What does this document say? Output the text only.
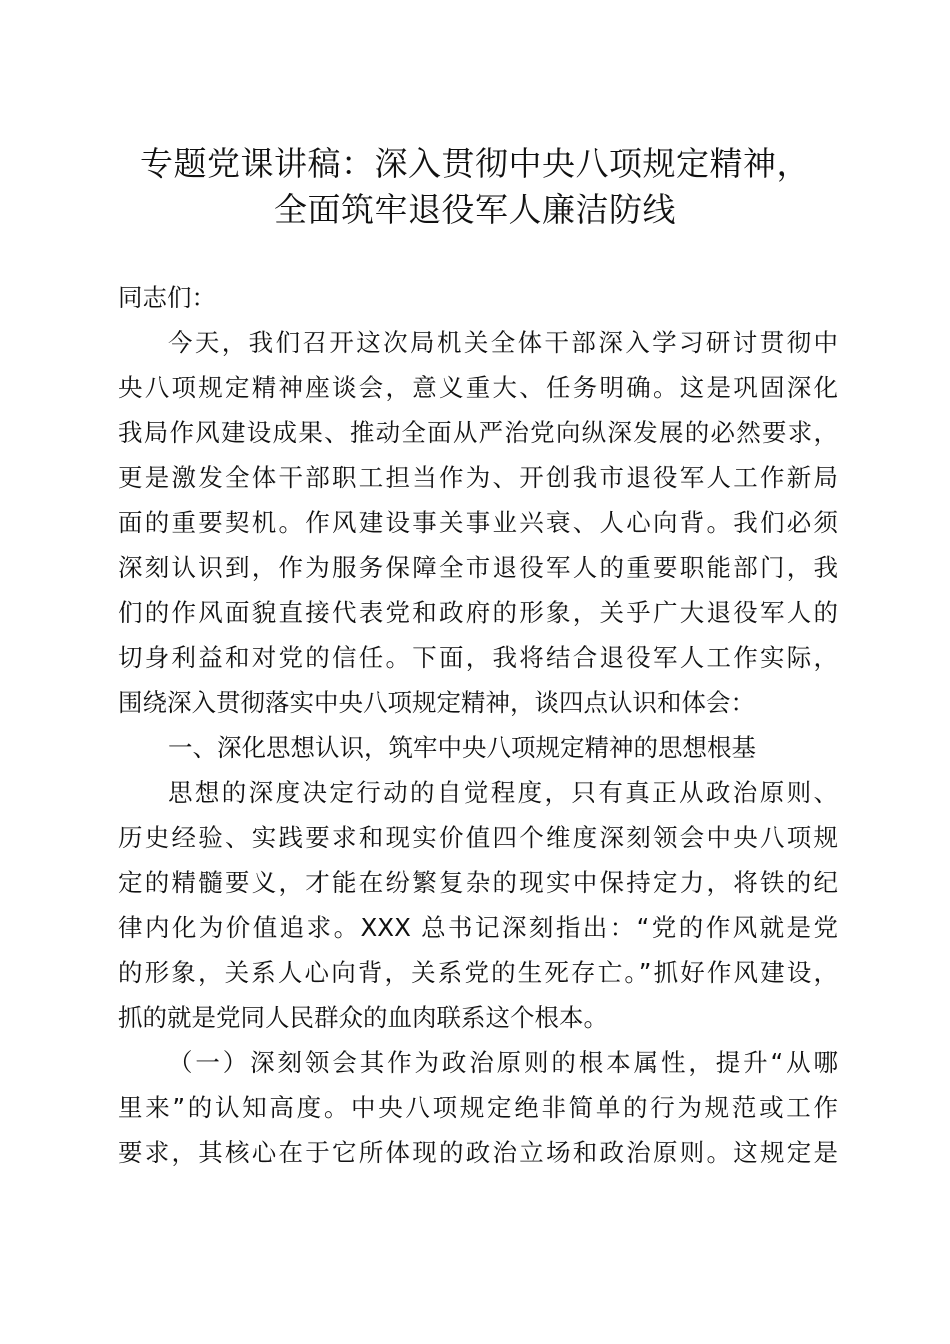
专题党课讲稿：深入贯彻中央八项规定精神，
全面筑牢退役军人廉洁防线
同志们：
今天，我们召开这次局机关全体干部深入学习研讨贯彻中
央八项规定精神座谈会，意义重大、任务明确。这是巩固深化
我局作风建设成果、推动全面从严治党向纵深发展的必然要求，
更是激发全体干部职工担当作为、开创我市退役军人工作新局
面的重要契机。作风建设事关事业兴衰、人心向背。我们必须
深刻认识到，作为服务保障全市退役军人的重要职能部门，我
们的作风面貌直接代表党和政府的形象，关乎广大退役军人的
切身利益和对党的信任。下面，我将结合退役军人工作实际，
围绕深入贯彻落实中央八项规定精神，谈四点认识和体会：
一、深化思想认识，筑牢中央八项规定精神的思想根基
思想的深度决定行动的自觉程度，只有真正从政治原则、
历史经验、实践要求和现实价值四个维度深刻领会中央八项规
定的精髓要义，才能在纷繁复杂的现实中保持定力，将铁的纪
律内化为价值追求。XXX 总书记深刻指出：“党的作风就是党
的形象，关系人心向背，关系党的生死存亡。”抓好作风建设，
抓的就是党同人民群众的血肉联系这个根本。
（一）深刻领会其作为政治原则的根本属性，提升“从哪
里来”的认知高度。中央八项规定绝非简单的行为规范或工作
要求，其核心在于它所体现的政治立场和政治原则。这规定是
